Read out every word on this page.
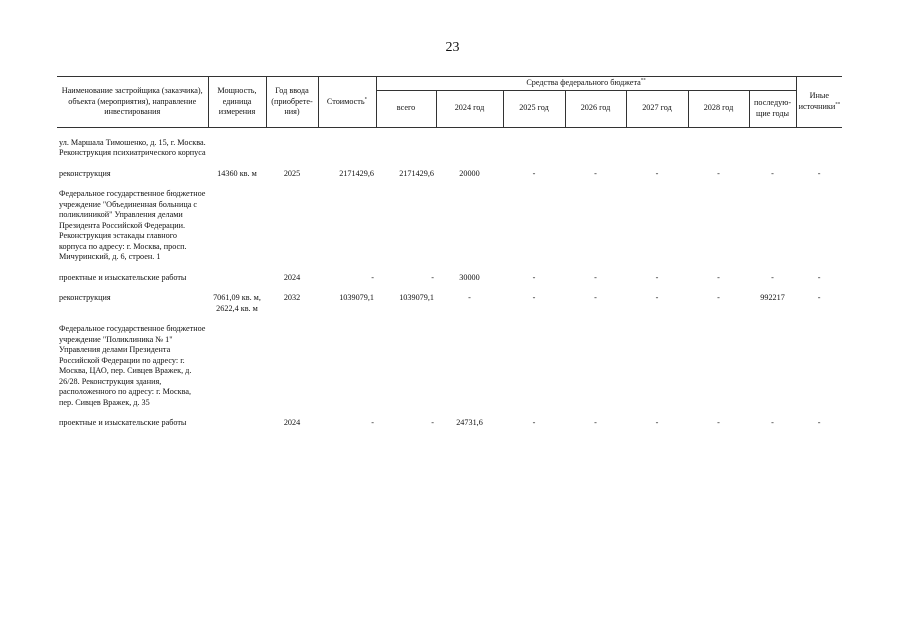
23
Наименование застройщика (заказчика), объекта (мероприятия), направление инвестирования	Мощность, единица измерения	Год ввода (приобрете-ния)	Стоимость*	Средства федерального бюджета**							Иные источники**
				всего	2024 год	2025 год	2026 год	2027 год	2028 год	последую-щие годы	

ул. Маршала Тимошенко, д. 15, г. Москва. Реконструкция психиатрического корпуса											

реконструкция	14360 кв. м	2025	2171429,6	2171429,6	20000	-	-	-	-	-	-

Федеральное государственное бюджетное учреждение "Объединенная больница с поликлиникой" Управления делами Президента Российской Федерации. Реконструкция эстакады главного корпуса по адресу: г. Москва, просп. Мичуринский, д. 6, строен. 1											

проектные и изыскательские работы		2024	-	-	30000	-	-	-	-	-	-

реконструкция	7061,09 кв. м, 2622,4 кв. м	2032	1039079,1	1039079,1	-	-	-	-	-	992217	-

Федеральное государственное бюджетное учреждение "Поликлиника № 1" Управления делами Президента Российской Федерации по адресу: г. Москва, ЦАО, пер. Сивцев Вражек, д. 26/28. Реконструкция здания, расположенного по адресу: г. Москва, пер. Сивцев Вражек, д. 35											

проектные и изыскательские работы		2024	-	-	24731,6	-	-	-	-	-	-
